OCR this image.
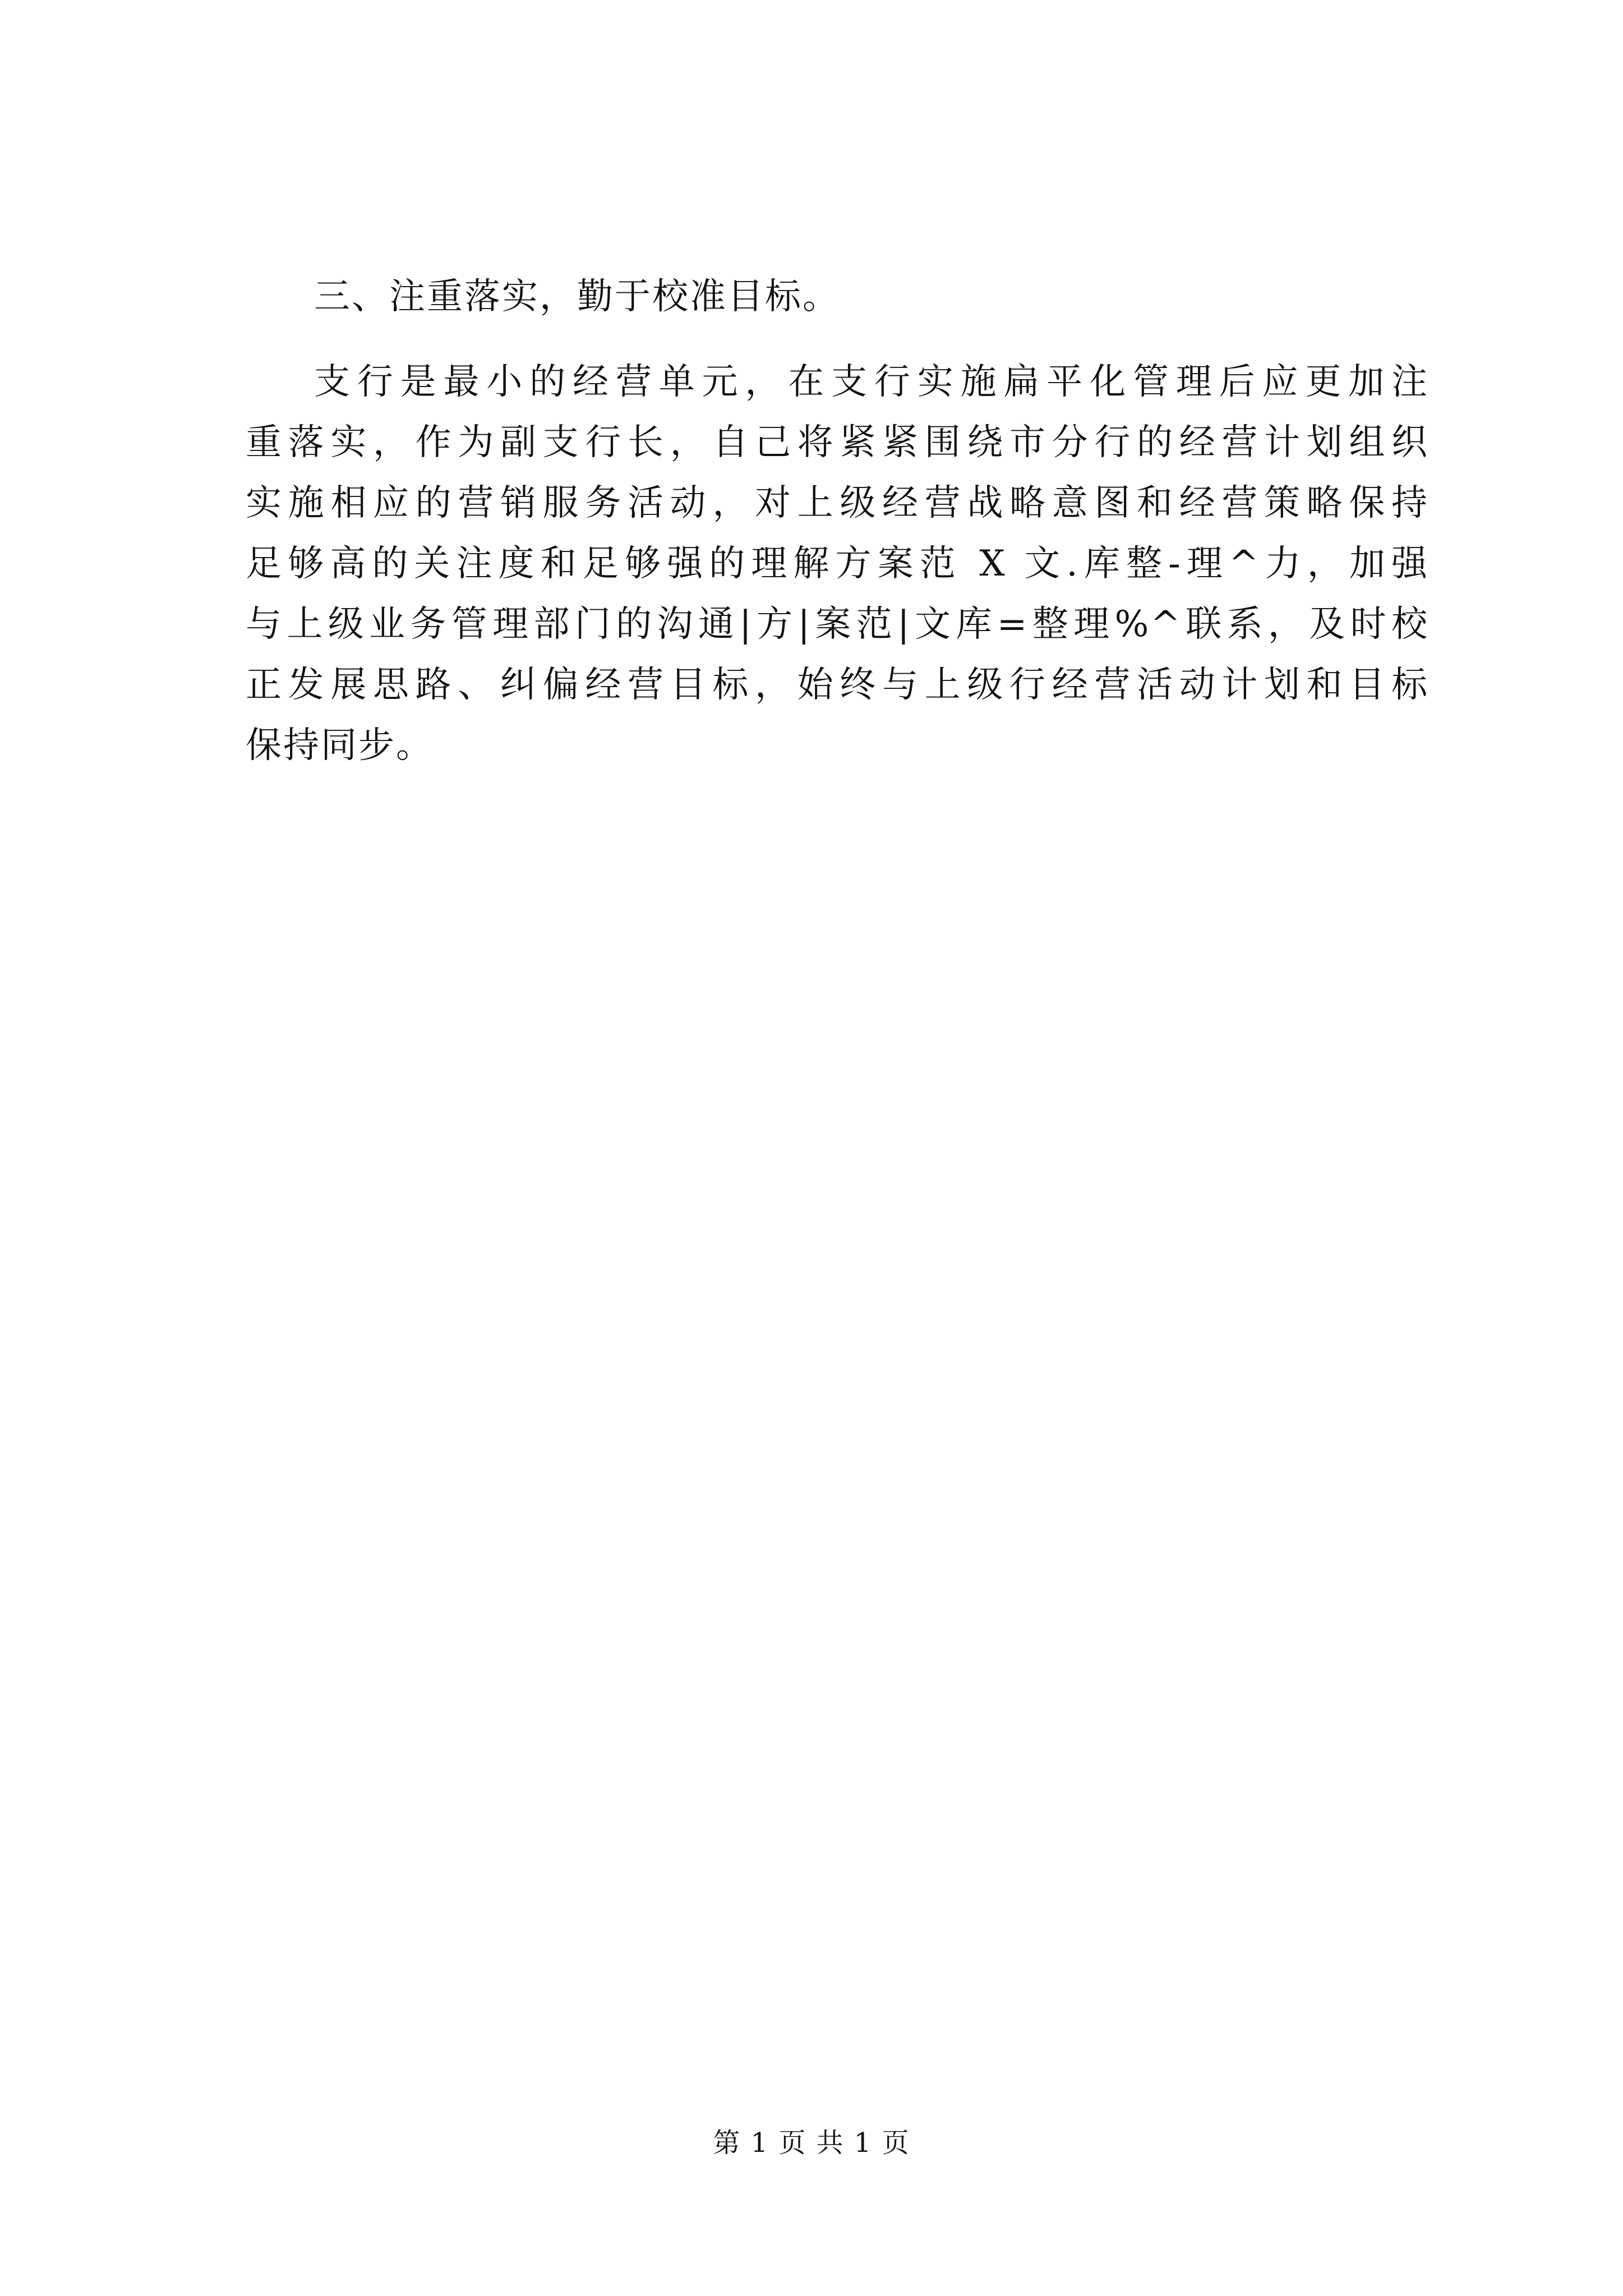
三、注重落实，勤于校准目标。

支行是最小的经营单元，在支行实施扁平化管理后应更加注
重落实，作为副支行长，自己将紧紧围绕市分行的经营计划组织
实施相应的营销服务活动，对上级经营战略意图和经营策略保持
足够高的关注度和足够强的理解方案范 X 文.库整-理^力，加强
与上级业务管理部门的沟通|方|案范|文库=整理%^联系，及时校
正发展思路、纠偏经营目标，始终与上级行经营活动计划和目标
保持同步。
第 1 页 共 1 页
